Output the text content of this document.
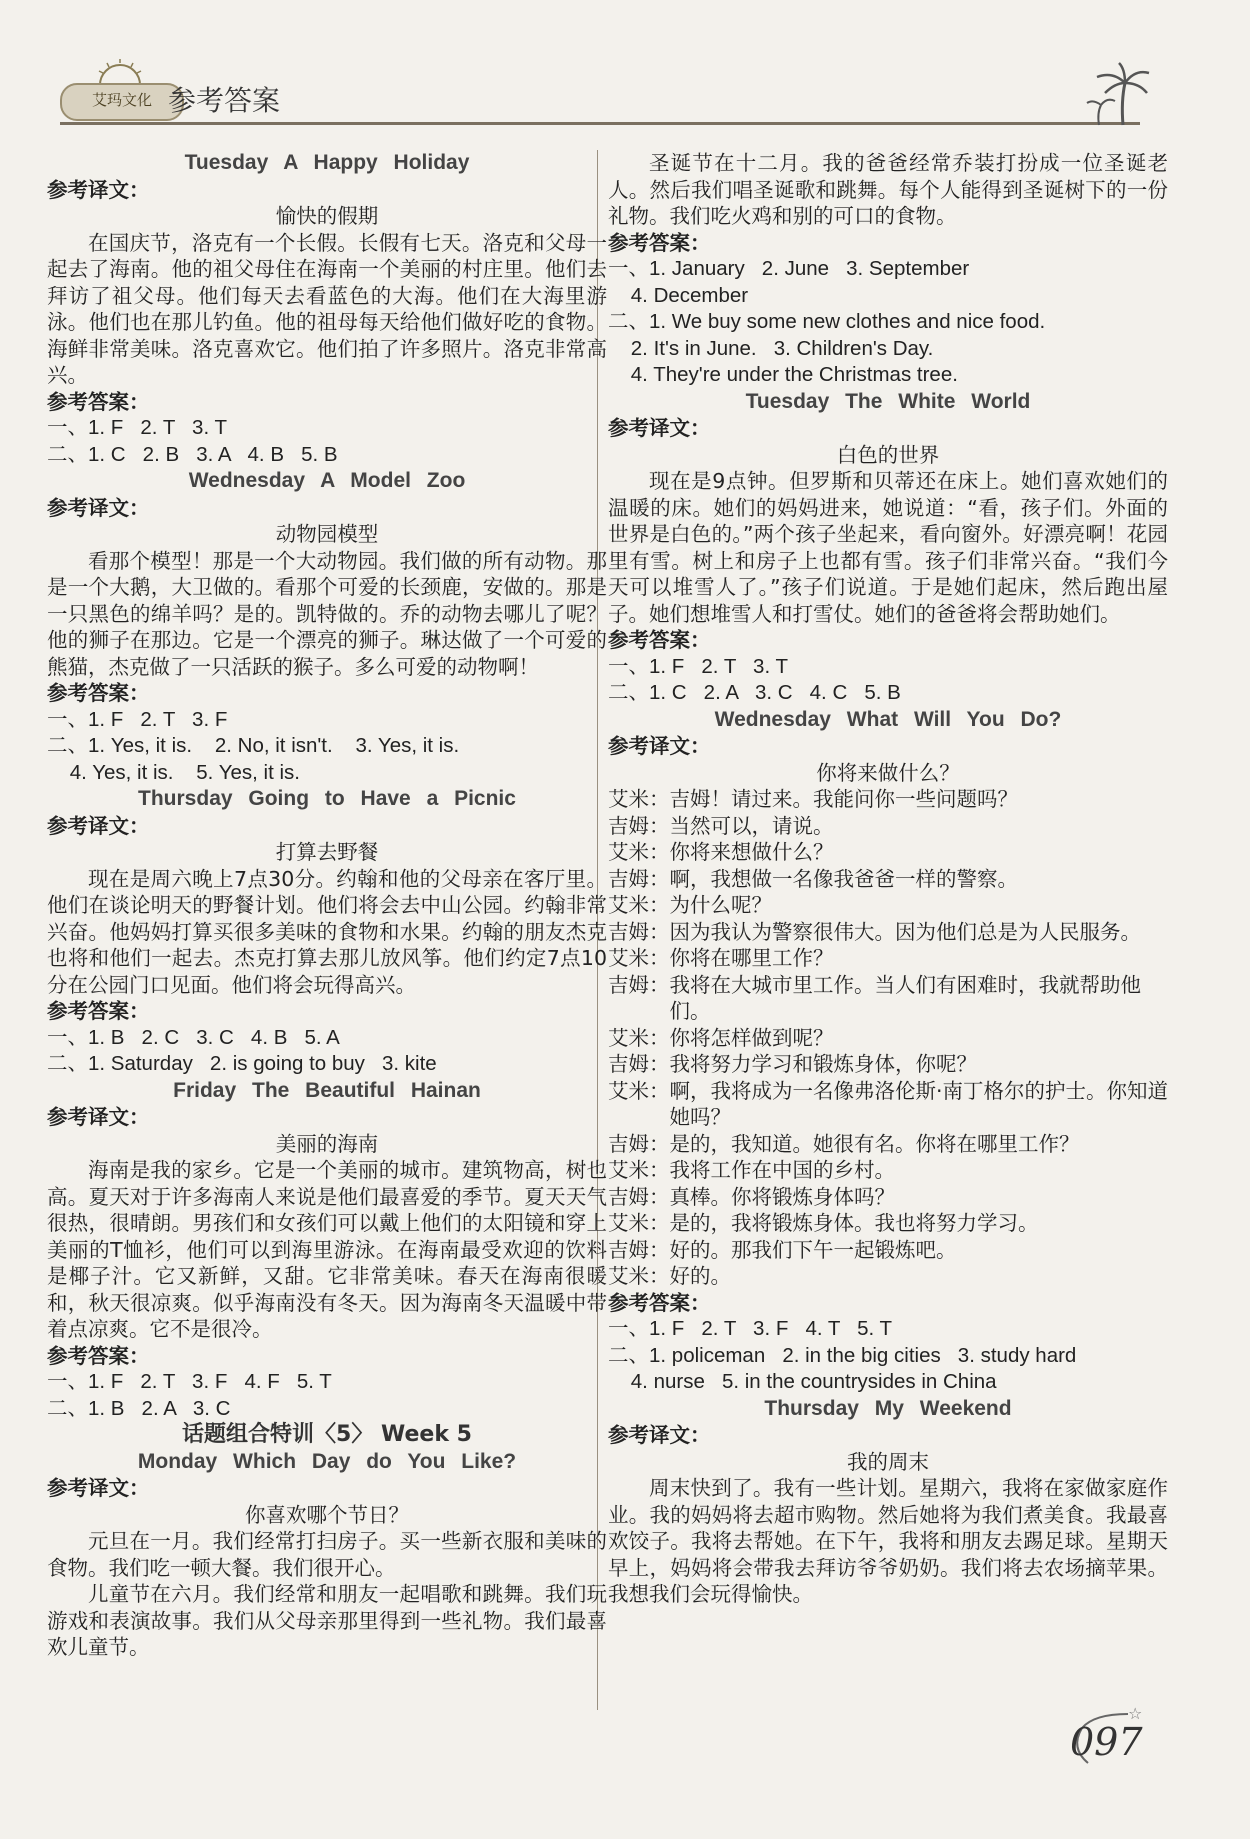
艾玛文化 参考答案
Tuesday A Happy Holiday
参考译文：
愉快的假期
在国庆节，洛克有一个长假。长假有七天。洛克和父母一起去了海南。他的祖父母住在海南一个美丽的村庄里。他们去拜访了祖父母。他们每天去看蓝色的大海。他们在大海里游泳。他们也在那儿钓鱼。他的祖母每天给他们做好吃的食物。海鲜非常美味。洛克喜欢它。他们拍了许多照片。洛克非常高兴。
参考答案：
一、1. F   2. T   3. T
二、1. C   2. B   3. A   4. B   5. B
Wednesday A Model Zoo
参考译文：
动物园模型
看那个模型！那是一个大动物园。我们做的所有动物。那是一个大鹅，大卫做的。看那个可爱的长颈鹿，安做的。那是一只黑色的绵羊吗？是的。凯特做的。乔的动物去哪儿了呢？他的狮子在那边。它是一个漂亮的狮子。琳达做了一个可爱的熊猫，杰克做了一只活跃的猴子。多么可爱的动物啊！
参考答案：
一、1. F   2. T   3. F
二、1. Yes, it is.    2. No, it isn't.    3. Yes, it is.
4. Yes, it is.    5. Yes, it is.
Thursday Going to Have a Picnic
参考译文：
打算去野餐
现在是周六晚上7点30分。约翰和他的父母亲在客厅里。他们在谈论明天的野餐计划。他们将会去中山公园。约翰非常兴奋。他妈妈打算买很多美味的食物和水果。约翰的朋友杰克也将和他们一起去。杰克打算去那儿放风筝。他们约定7点10分在公园门口见面。他们将会玩得高兴。
参考答案：
一、1. B   2. C   3. C   4. B   5. A
二、1. Saturday   2. is going to buy   3. kite
Friday The Beautiful Hainan
参考译文：
美丽的海南
海南是我的家乡。它是一个美丽的城市。建筑物高，树也高。夏天对于许多海南人来说是他们最喜爱的季节。夏天天气很热，很晴朗。男孩们和女孩们可以戴上他们的太阳镜和穿上美丽的T恤衫，他们可以到海里游泳。在海南最受欢迎的饮料是椰子汁。它又新鲜，又甜。它非常美味。春天在海南很暖和，秋天很凉爽。似乎海南没有冬天。因为海南冬天温暖中带着点凉爽。它不是很冷。
参考答案：
一、1. F   2. T   3. F   4. F   5. T
二、1. B   2. A   3. C
话题组合特训〈5〉 Week 5
Monday Which Day do You Like?
参考译文：
你喜欢哪个节日？
元旦在一月。我们经常打扫房子。买一些新衣服和美味的食物。我们吃一顿大餐。我们很开心。
儿童节在六月。我们经常和朋友一起唱歌和跳舞。我们玩游戏和表演故事。我们从父母亲那里得到一些礼物。我们最喜欢儿童节。
圣诞节在十二月。我的爸爸经常乔装打扮成一位圣诞老人。然后我们唱圣诞歌和跳舞。每个人能得到圣诞树下的一份礼物。我们吃火鸡和别的可口的食物。
参考答案：
一、1. January   2. June   3. September
4. December
二、1. We buy some new clothes and nice food.
2. It's in June.   3. Children's Day.
4. They're under the Christmas tree.
Tuesday The White World
参考译文：
白色的世界
现在是9点钟。但罗斯和贝蒂还在床上。她们喜欢她们的温暖的床。她们的妈妈进来，她说道：“看，孩子们。外面的世界是白色的。”两个孩子坐起来，看向窗外。好漂亮啊！花园里有雪。树上和房子上也都有雪。孩子们非常兴奋。“我们今天可以堆雪人了。”孩子们说道。于是她们起床，然后跑出屋子。她们想堆雪人和打雪仗。她们的爸爸将会帮助她们。
参考答案：
一、1. F   2. T   3. T
二、1. C   2. A   3. C   4. C   5. B
Wednesday What Will You Do?
参考译文：
你将来做什么？
艾米： 吉姆！请过来。我能问你一些问题吗？
吉姆： 当然可以，请说。
艾米： 你将来想做什么？
吉姆： 啊，我想做一名像我爸爸一样的警察。
艾米： 为什么呢？
吉姆： 因为我认为警察很伟大。因为他们总是为人民服务。
艾米： 你将在哪里工作？
吉姆： 我将在大城市里工作。当人们有困难时，我就帮助他们。
艾米： 你将怎样做到呢？
吉姆： 我将努力学习和锻炼身体，你呢？
艾米： 啊，我将成为一名像弗洛伦斯·南丁格尔的护士。你知道她吗？
吉姆： 是的，我知道。她很有名。你将在哪里工作？
艾米： 我将工作在中国的乡村。
吉姆： 真棒。你将锻炼身体吗？
艾米： 是的，我将锻炼身体。我也将努力学习。
吉姆： 好的。那我们下午一起锻炼吧。
艾米： 好的。
参考答案：
一、1. F   2. T   3. F   4. T   5. T
二、1. policeman   2. in the big cities   3. study hard
4. nurse   5. in the countrysides in China
Thursday My Weekend
参考译文：
我的周末
周末快到了。我有一些计划。星期六，我将在家做家庭作业。我的妈妈将去超市购物。然后她将为我们煮美食。我最喜欢饺子。我将去帮她。在下午，我将和朋友去踢足球。星期天早上，妈妈将会带我去拜访爷爷奶奶。我们将去农场摘苹果。我想我们会玩得愉快。
☆
097
